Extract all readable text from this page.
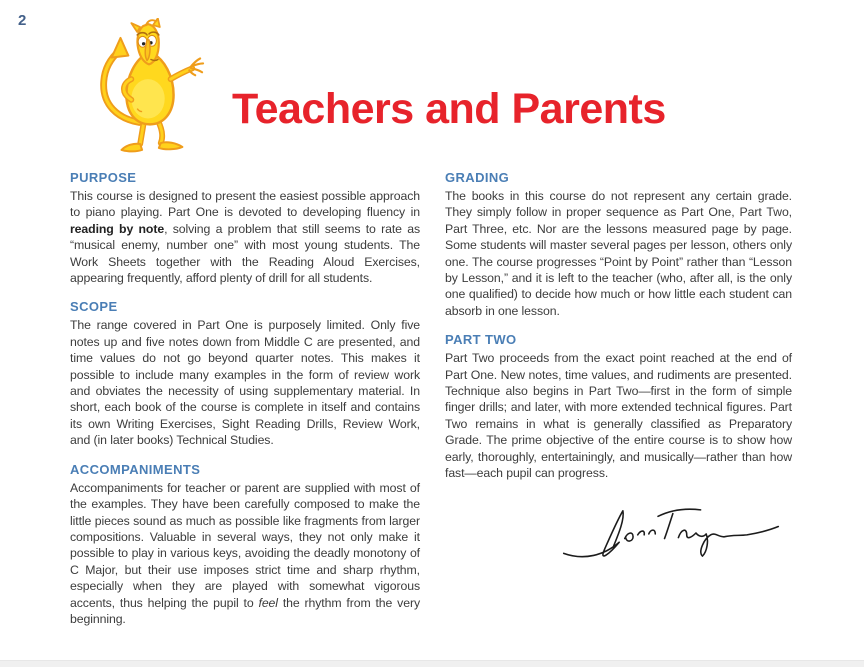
2
Teachers and Parents
PURPOSE

This course is designed to present the easiest possible approach to piano playing. Part One is devoted to developing fluency in reading by note, solving a problem that still seems to rate as “musical enemy, number one” with most young students. The Work Sheets together with the Reading Aloud Exercises, appearing frequently, afford plenty of drill for all students.

SCOPE

The range covered in Part One is purposely limited. Only five notes up and five notes down from Middle C are presented, and time values do not go beyond quarter notes. This makes it possible to include many examples in the form of review work and obviates the necessity of using supplementary material. In short, each book of the course is complete in itself and contains its own Writing Exercises, Sight Reading Drills, Review Work, and (in later books) Technical Studies.

ACCOMPANIMENTS

Accompaniments for teacher or parent are supplied with most of the examples. They have been carefully composed to make the little pieces sound as much as possible like fragments from larger compositions. Valuable in several ways, they not only make it possible to play in various keys, avoiding the deadly monotony of C Major, but their use imposes strict time and sharp rhythm, especially when they are played with somewhat vigorous accents, thus helping the pupil to feel the rhythm from the very beginning.

GRADING

The books in this course do not represent any certain grade. They simply follow in proper sequence as Part One, Part Two, Part Three, etc. Nor are the lessons measured page by page. Some students will master several pages per lesson, others only one. The course progresses “Point by Point” rather than “Lesson by Lesson,” and it is left to the teacher (who, after all, is the only one qualified) to decide how much or how little each student can absorb in one lesson.

PART TWO

Part Two proceeds from the exact point reached at the end of Part One. New notes, time values, and rudiments are presented. Technique also begins in Part Two—first in the form of simple finger drills; and later, with more extended technical figures. Part Two remains in what is generally classified as Preparatory Grade. The prime objective of the entire course is to show how early, thoroughly, entertainingly, and musically—rather than how fast—each pupil can progress.
